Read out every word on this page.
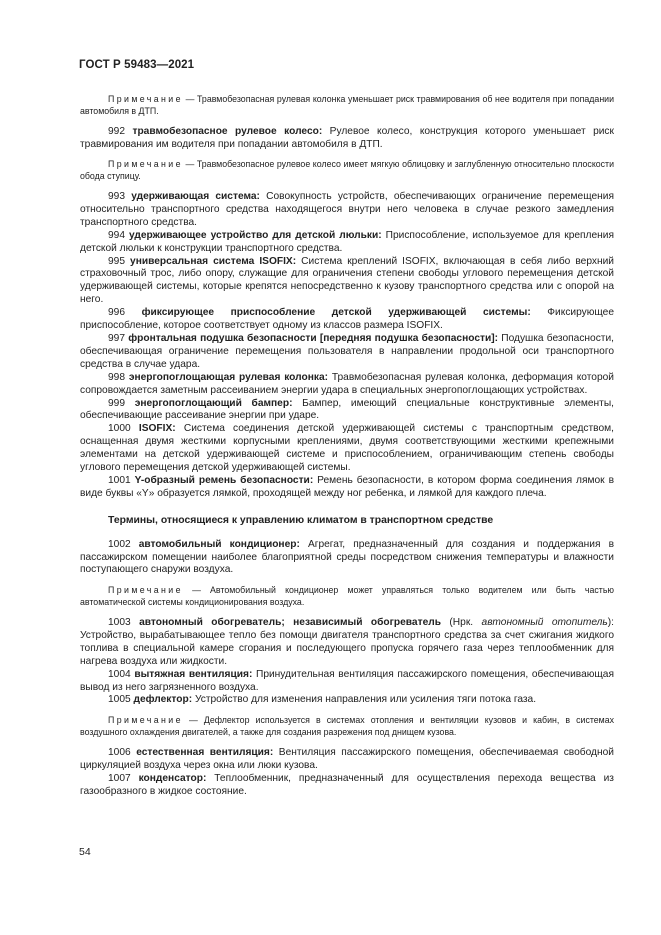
ГОСТ Р 59483—2021

Примечание — Травмобезопасная рулевая колонка уменьшает риск травмирования об нее водителя при попадании автомобиля в ДТП.

992 травмобезопасное рулевое колесо: Рулевое колесо, конструкция которого уменьшает риск травмирования им водителя при попадании автомобиля в ДТП.

Примечание — Травмобезопасное рулевое колесо имеет мягкую облицовку и заглубленную относительно плоскости обода ступицу.

993 удерживающая система: Совокупность устройств, обеспечивающих ограничение перемещения относительно транспортного средства находящегося внутри него человека в случае резкого замедления транспортного средства.

994 удерживающее устройство для детской люльки: Приспособление, используемое для крепления детской люльки к конструкции транспортного средства.

995 универсальная система ISOFIX: Система креплений ISOFIX, включающая в себя либо верхний страховочный трос, либо опору, служащие для ограничения степени свободы углового перемещения детской удерживающей системы, которые крепятся непосредственно к кузову транспортного средства или с опорой на него.

996 фиксирующее приспособление детской удерживающей системы: Фиксирующее приспособление, которое соответствует одному из классов размера ISOFIX.

997 фронтальная подушка безопасности [передняя подушка безопасности]: Подушка безопасности, обеспечивающая ограничение перемещения пользователя в направлении продольной оси транспортного средства в случае удара.

998 энергопоглощающая рулевая колонка: Травмобезопасная рулевая колонка, деформация которой сопровождается заметным рассеиванием энергии удара в специальных энергопоглощающих устройствах.

999 энергопоглощающий бампер: Бампер, имеющий специальные конструктивные элементы, обеспечивающие рассеивание энергии при ударе.

1000 ISOFIX: Система соединения детской удерживающей системы с транспортным средством, оснащенная двумя жесткими корпусными креплениями, двумя соответствующими жесткими крепежными элементами на детской удерживающей системе и приспособлением, ограничивающим степень свободы углового перемещения детской удерживающей системы.

1001 Y-образный ремень безопасности: Ремень безопасности, в котором форма соединения лямок в виде буквы «Y» образуется лямкой, проходящей между ног ребенка, и лямкой для каждого плеча.

Термины, относящиеся к управлению климатом в транспортном средстве

1002 автомобильный кондиционер: Агрегат, предназначенный для создания и поддержания в пассажирском помещении наиболее благоприятной среды посредством снижения температуры и влажности поступающего снаружи воздуха.

Примечание — Автомобильный кондиционер может управляться только водителем или быть частью автоматической системы кондиционирования воздуха.

1003 автономный обогреватель; независимый обогреватель (Нрк. автономный отопитель): Устройство, вырабатывающее тепло без помощи двигателя транспортного средства за счет сжигания жидкого топлива в специальной камере сгорания и последующего пропуска горячего газа через теплообменник для нагрева воздуха или жидкости.

1004 вытяжная вентиляция: Принудительная вентиляция пассажирского помещения, обеспечивающая вывод из него загрязненного воздуха.

1005 дефлектор: Устройство для изменения направления или усиления тяги потока газа.

Примечание — Дефлектор используется в системах отопления и вентиляции кузовов и кабин, в системах воздушного охлаждения двигателей, а также для создания разрежения под днищем кузова.

1006 естественная вентиляция: Вентиляция пассажирского помещения, обеспечиваемая свободной циркуляцией воздуха через окна или люки кузова.

1007 конденсатор: Теплообменник, предназначенный для осуществления перехода вещества из газообразного в жидкое состояние.

54
